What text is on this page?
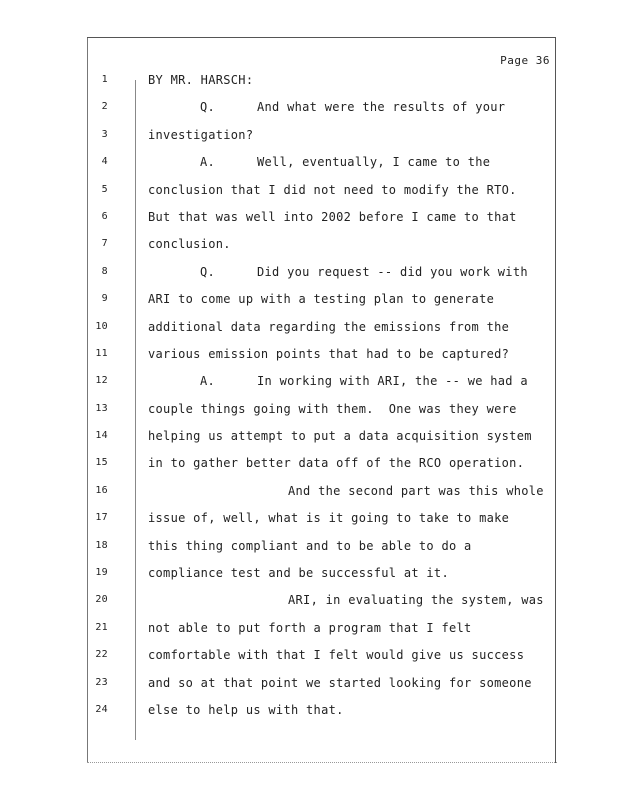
Page 36
1	BY MR. HARSCH:
2	Q.	And what were the results of your
3	investigation?
4	A.	Well, eventually, I came to the
5	conclusion that I did not need to modify the RTO.
6	But that was well into 2002 before I came to that
7	conclusion.
8	Q.	Did you request -- did you work with
9	ARI to come up with a testing plan to generate
10	additional data regarding the emissions from the
11	various emission points that had to be captured?
12	A.	In working with ARI, the -- we had a
13	couple things going with them.  One was they were
14	helping us attempt to put a data acquisition system
15	in to gather better data off of the RCO operation.
16	And the second part was this whole
17	issue of, well, what is it going to take to make
18	this thing compliant and to be able to do a
19	compliance test and be successful at it.
20	ARI, in evaluating the system, was
21	not able to put forth a program that I felt
22	comfortable with that I felt would give us success
23	and so at that point we started looking for someone
24	else to help us with that.
